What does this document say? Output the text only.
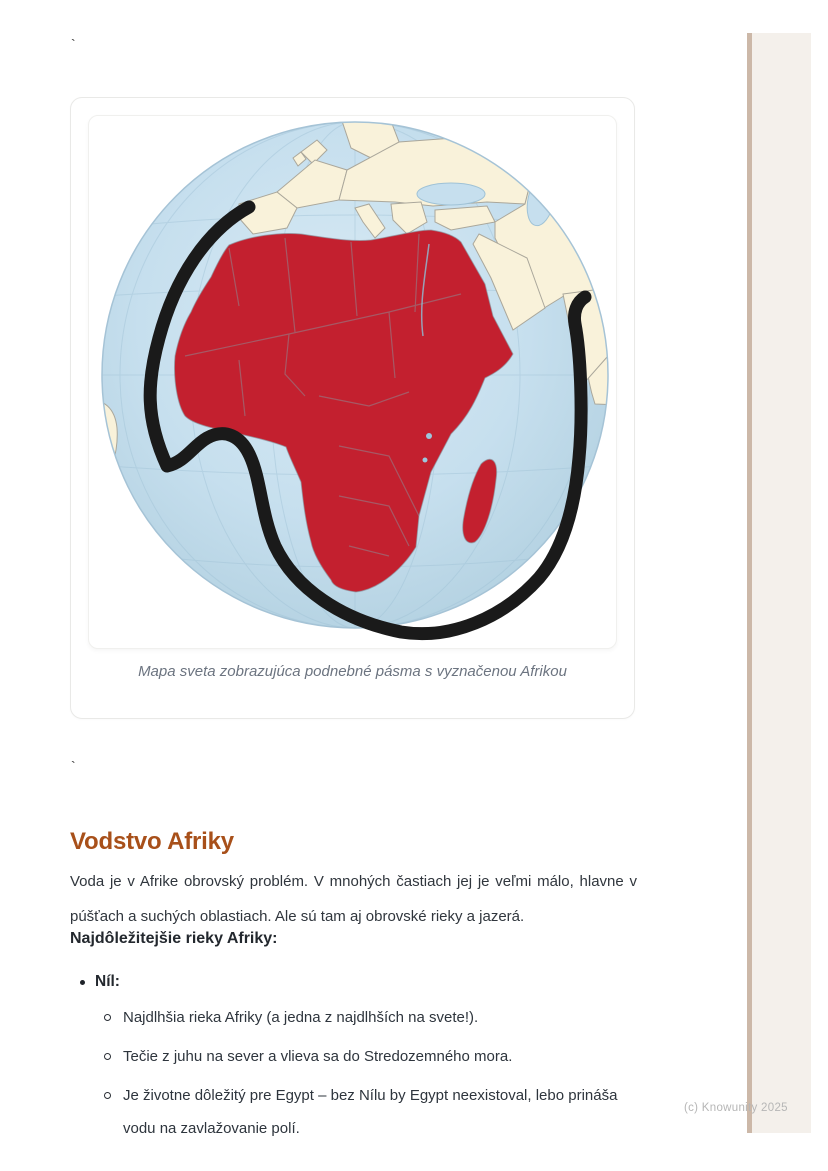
`
Mapa sveta zobrazujúca podnebné pásma s vyznačenou Afrikou
`
Vodstvo Afriky

Voda je v Afrike obrovský problém. V mnohých častiach jej je veľmi málo, hlavne v púšťach a suchých oblastiach. Ale sú tam aj obrovské rieky a jazerá.

Najdôležitejšie rieky Afriky:
Níl:
Najdlhšia rieka Afriky (a jedna z najdlhších na svete!).
Tečie z juhu na sever a vlieva sa do Stredozemného mora.
Je životne dôležitý pre Egypt – bez Nílu by Egypt neexistoval, lebo prináša vodu na zavlažovanie polí.
(c) Knowunity 2025
